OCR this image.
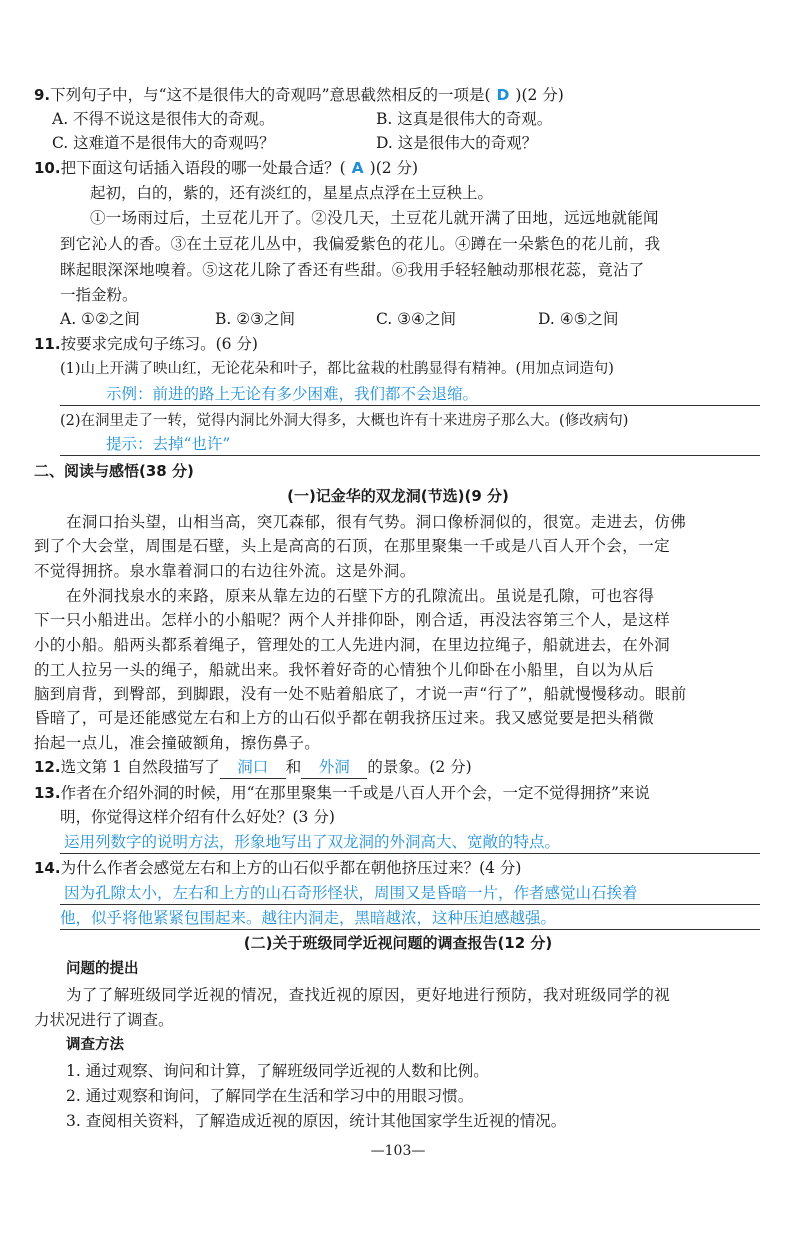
9.下列句子中，与“这不是很伟大的奇观吗”意思截然相反的一项是( D )(2 分)
A. 不得不说这是很伟大的奇观。	B. 这真是很伟大的奇观。
C. 这难道不是很伟大的奇观吗？	D. 这是很伟大的奇观？
10.把下面这句话插入语段的哪一处最合适？( A )(2 分)
起初，白的，紫的，还有淡红的，星星点点浮在土豆秧上。
①一场雨过后，土豆花儿开了。②没几天，土豆花儿就开满了田地，远远地就能闻
到它沁人的香。③在土豆花儿丛中，我偏爱紫色的花儿。④蹲在一朵紫色的花儿前，我
眯起眼深深地嗅着。⑤这花儿除了香还有些甜。⑥我用手轻轻触动那根花蕊，竟沾了
一指金粉。
A. ①②之间	B. ②③之间	C. ③④之间	D. ④⑤之间
11.按要求完成句子练习。(6 分)
(1)山上开满了映山红，无论花朵和叶子，都比盆栽的杜鹃显得有精神。(用加点词造句)
示例：前进的路上无论有多少困难，我们都不会退缩。
(2)在洞里走了一转，觉得内洞比外洞大得多，大概也许有十来进房子那么大。(修改病句)
提示：去掉“也许”
二、阅读与感悟(38 分)
(一)记金华的双龙洞(节选)(9 分)
在洞口抬头望，山相当高，突兀森郁，很有气势。洞口像桥洞似的，很宽。走进去，仿佛
到了个大会堂，周围是石壁，头上是高高的石顶，在那里聚集一千或是八百人开个会，一定
不觉得拥挤。泉水靠着洞口的右边往外流。这是外洞。
在外洞找泉水的来路，原来从靠左边的石壁下方的孔隙流出。虽说是孔隙，可也容得
下一只小船进出。怎样小的小船呢？两个人并排仰卧，刚合适，再没法容第三个人，是这样
小的小船。船两头都系着绳子，管理处的工人先进内洞，在里边拉绳子，船就进去，在外洞
的工人拉另一头的绳子，船就出来。我怀着好奇的心情独个儿仰卧在小船里，自以为从后
脑到肩背，到臀部，到脚跟，没有一处不贴着船底了，才说一声“行了”，船就慢慢移动。眼前
昏暗了，可是还能感觉左右和上方的山石似乎都在朝我挤压过来。我又感觉要是把头稍微
抬起一点儿，准会撞破额角，擦伤鼻子。
12.选文第 1 自然段描写了 洞口 和 外洞 的景象。(2 分)
13.作者在介绍外洞的时候，用“在那里聚集一千或是八百人开个会，一定不觉得拥挤”来说
明，你觉得这样介绍有什么好处？(3 分)
运用列数字的说明方法，形象地写出了双龙洞的外洞高大、宽敞的特点。
14.为什么作者会感觉左右和上方的山石似乎都在朝他挤压过来？(4 分)
因为孔隙太小，左右和上方的山石奇形怪状，周围又是昏暗一片，作者感觉山石挨着
他，似乎将他紧紧包围起来。越往内洞走，黑暗越浓，这种压迫感越强。
(二)关于班级同学近视问题的调查报告(12 分)
问题的提出
为了了解班级同学近视的情况，查找近视的原因，更好地进行预防，我对班级同学的视
力状况进行了调查。
调查方法
1. 通过观察、询问和计算，了解班级同学近视的人数和比例。
2. 通过观察和询问，了解同学在生活和学习中的用眼习惯。
3. 查阅相关资料，了解造成近视的原因，统计其他国家学生近视的情况。
—103—
